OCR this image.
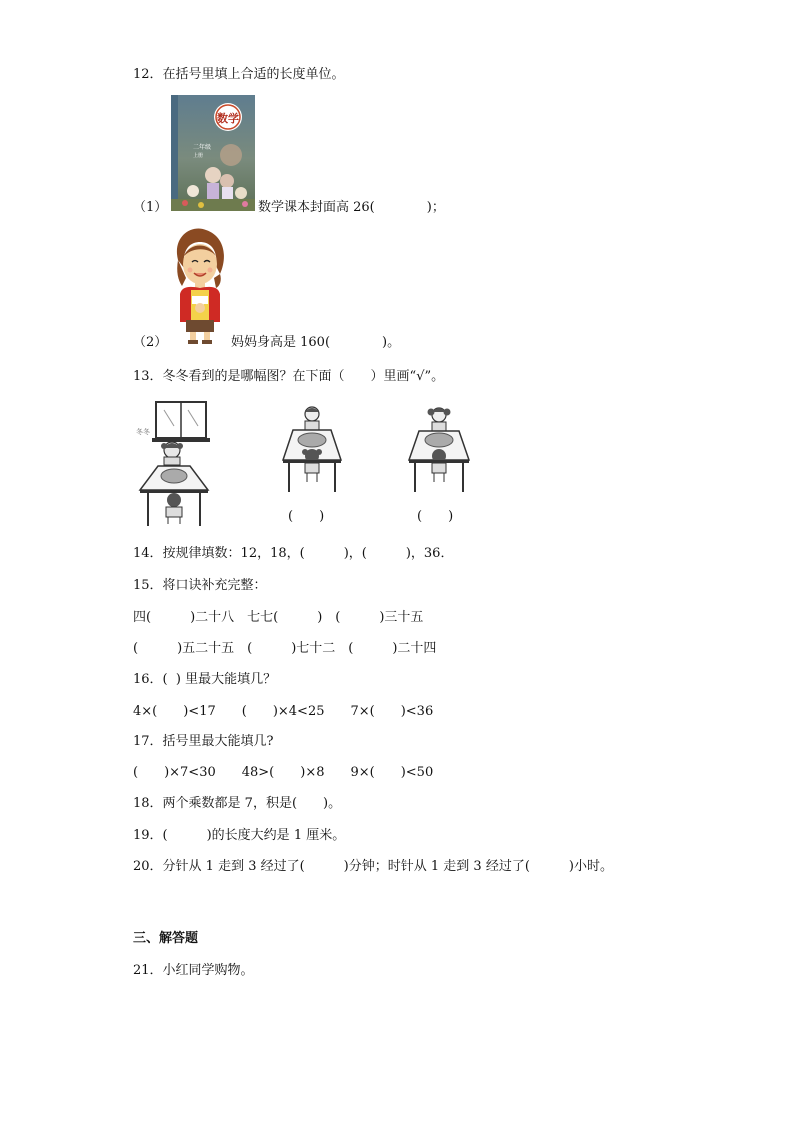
12．在括号里填上合适的长度单位。
数学
二年级
上册
（1）	数学课本封面高 26(　　　　)；
（2）	妈妈身高是 160(　　　　)。
13．冬冬看到的是哪幅图？在下面（　　）里画“√”。
冬冬
(　　)	(　　)
14．按规律填数：12，18，(　　　)，(　　　)，36．
15．将口诀补充完整：
四(　　　)二十八　七七(　　　)　(　　　)三十五
(　　　)五二十五　(　　　)七十二　(　　　)二十四
16．(  ) 里最大能填几？
4×(　　)<17　　(　　)×4<25　　7×(　　)<36
17．括号里最大能填几?
(　　)×7<30　　48>(　　)×8　　9×(　　)<50
18．两个乘数都是 7，积是(　　)。
19．(　　　)的长度大约是 1 厘米。
20．分针从 1 走到 3 经过了(　　　)分钟；时针从 1 走到 3 经过了(　　　)小时。
三、解答题
21．小红同学购物。
